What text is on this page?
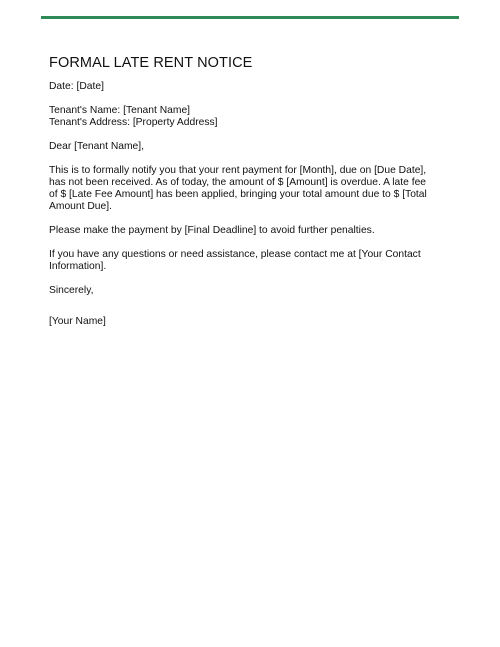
FORMAL LATE RENT NOTICE
Date: [Date]
Tenant's Name: [Tenant Name]
Tenant's Address: [Property Address]
Dear [Tenant Name],
This is to formally notify you that your rent payment for [Month], due on [Due Date], has not been received. As of today, the amount of $ [Amount] is overdue. A late fee of $ [Late Fee Amount] has been applied, bringing your total amount due to $ [Total Amount Due].
Please make the payment by [Final Deadline] to avoid further penalties.
If you have any questions or need assistance, please contact me at [Your Contact Information].
Sincerely,
[Your Name]
